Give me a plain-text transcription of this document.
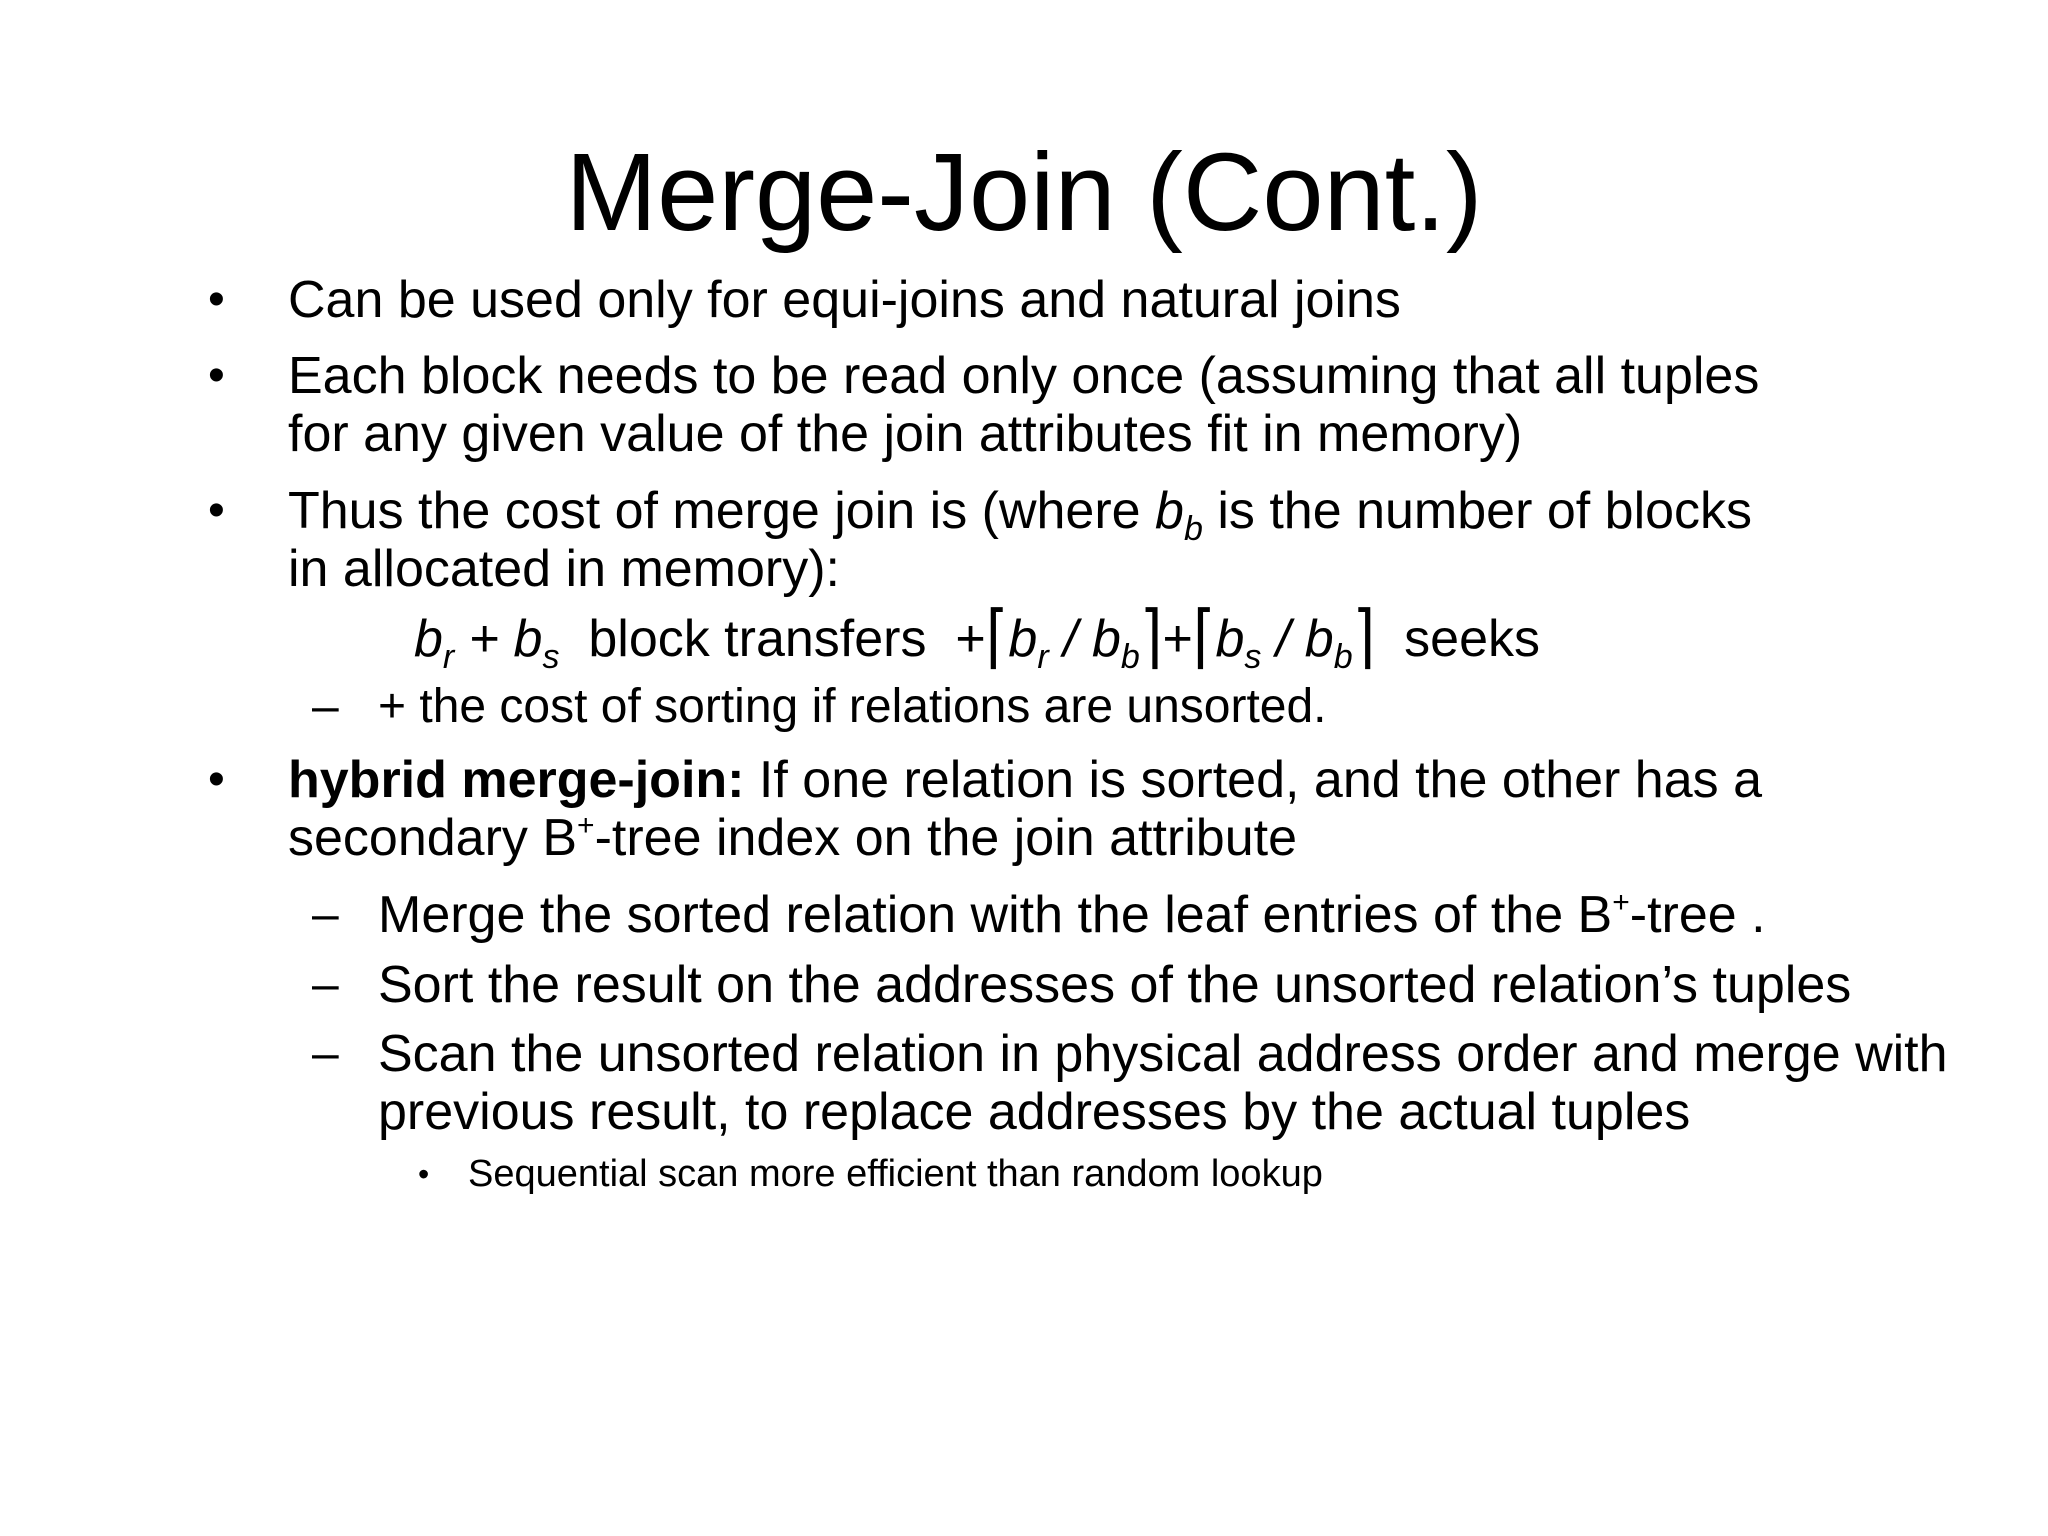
Merge-Join (Cont.)
• Can be used only for equi-joins and natural joins
• Each block needs to be read only once (assuming that all tuples
for any given value of the join attributes fit in memory)
• Thus the cost of merge join is (where $b_b$ is the number of blocks
in allocated in memory):
$b_r + b_s$ block transfers $+⌈b_r$ / $b_b⌉+⌈b_s$ / $b_b⌉$ seeks
– + the cost of sorting if relations are unsorted.
• hybrid merge-join: If one relation is sorted, and the other has a
secondary B+-tree index on the join attribute
– Merge the sorted relation with the leaf entries of the B+-tree .
– Sort the result on the addresses of the unsorted relation’s tuples
– Scan the unsorted relation in physical address order and merge with
previous result, to replace addresses by the actual tuples
• Sequential scan more efficient than random lookup
